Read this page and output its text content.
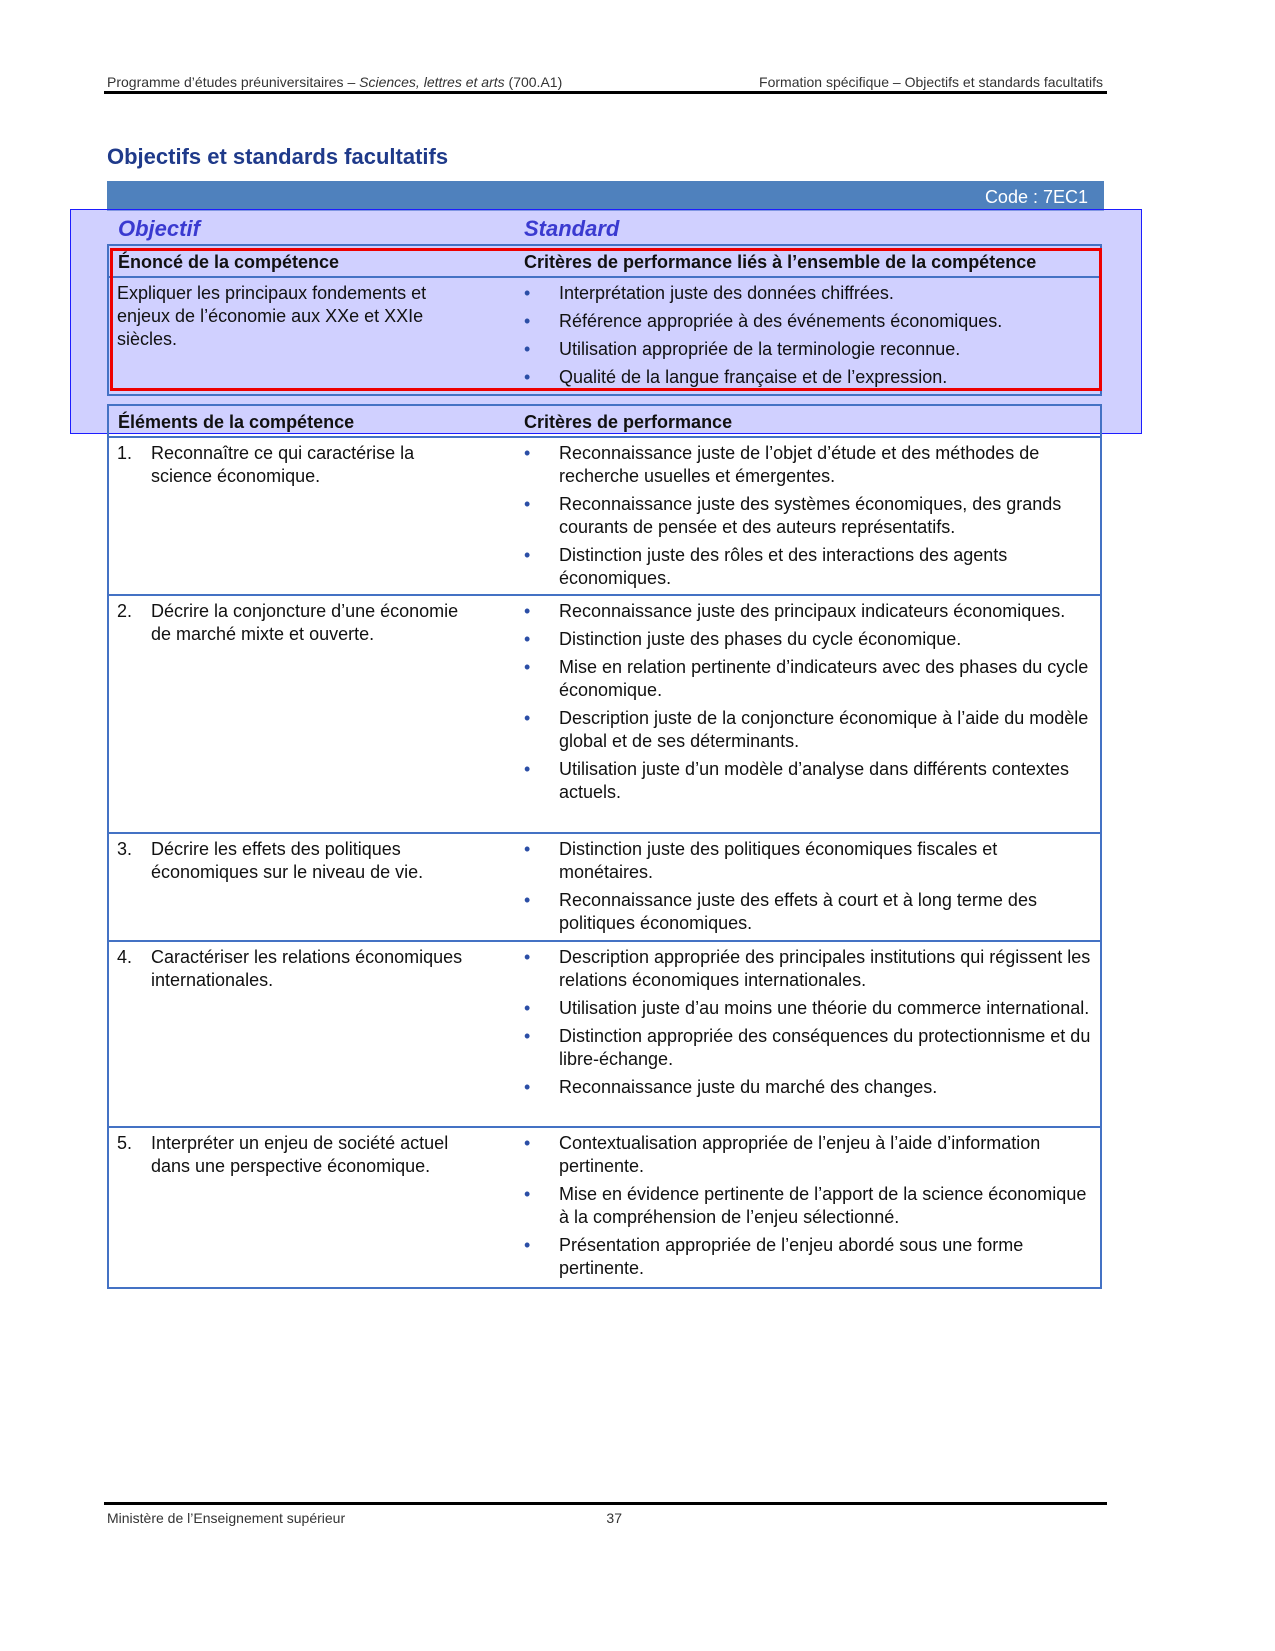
Programme d’études préuniversitaires – Sciences, lettres et arts (700.A1)	Formation spécifique – Objectifs et standards facultatifs
Objectifs et standards facultatifs
Code : 7EC1
Objectif	Standard
Énoncé de la compétence	Critères de performance liés à l’ensemble de la compétence
Expliquer les principaux fondements et enjeux de l’économie aux XXe et XXIe siècles.
• Interprétation juste des données chiffrées.
• Référence appropriée à des événements économiques.
• Utilisation appropriée de la terminologie reconnue.
• Qualité de la langue française et de l’expression.
Éléments de la compétence	Critères de performance
1. Reconnaître ce qui caractérise la science économique.
• Reconnaissance juste de l’objet d’étude et des méthodes de recherche usuelles et émergentes.
• Reconnaissance juste des systèmes économiques, des grands courants de pensée et des auteurs représentatifs.
• Distinction juste des rôles et des interactions des agents économiques.
2. Décrire la conjoncture d’une économie de marché mixte et ouverte.
• Reconnaissance juste des principaux indicateurs économiques.
• Distinction juste des phases du cycle économique.
• Mise en relation pertinente d’indicateurs avec des phases du cycle économique.
• Description juste de la conjoncture économique à l’aide du modèle global et de ses déterminants.
• Utilisation juste d’un modèle d’analyse dans différents contextes actuels.
3. Décrire les effets des politiques économiques sur le niveau de vie.
• Distinction juste des politiques économiques fiscales et monétaires.
• Reconnaissance juste des effets à court et à long terme des politiques économiques.
4. Caractériser les relations économiques internationales.
• Description appropriée des principales institutions qui régissent les relations économiques internationales.
• Utilisation juste d’au moins une théorie du commerce international.
• Distinction appropriée des conséquences du protectionnisme et du libre-échange.
• Reconnaissance juste du marché des changes.
5. Interpréter un enjeu de société actuel dans une perspective économique.
• Contextualisation appropriée de l’enjeu à l’aide d’information pertinente.
• Mise en évidence pertinente de l’apport de la science économique à la compréhension de l’enjeu sélectionné.
• Présentation appropriée de l’enjeu abordé sous une forme pertinente.
Ministère de l’Enseignement supérieur	37
